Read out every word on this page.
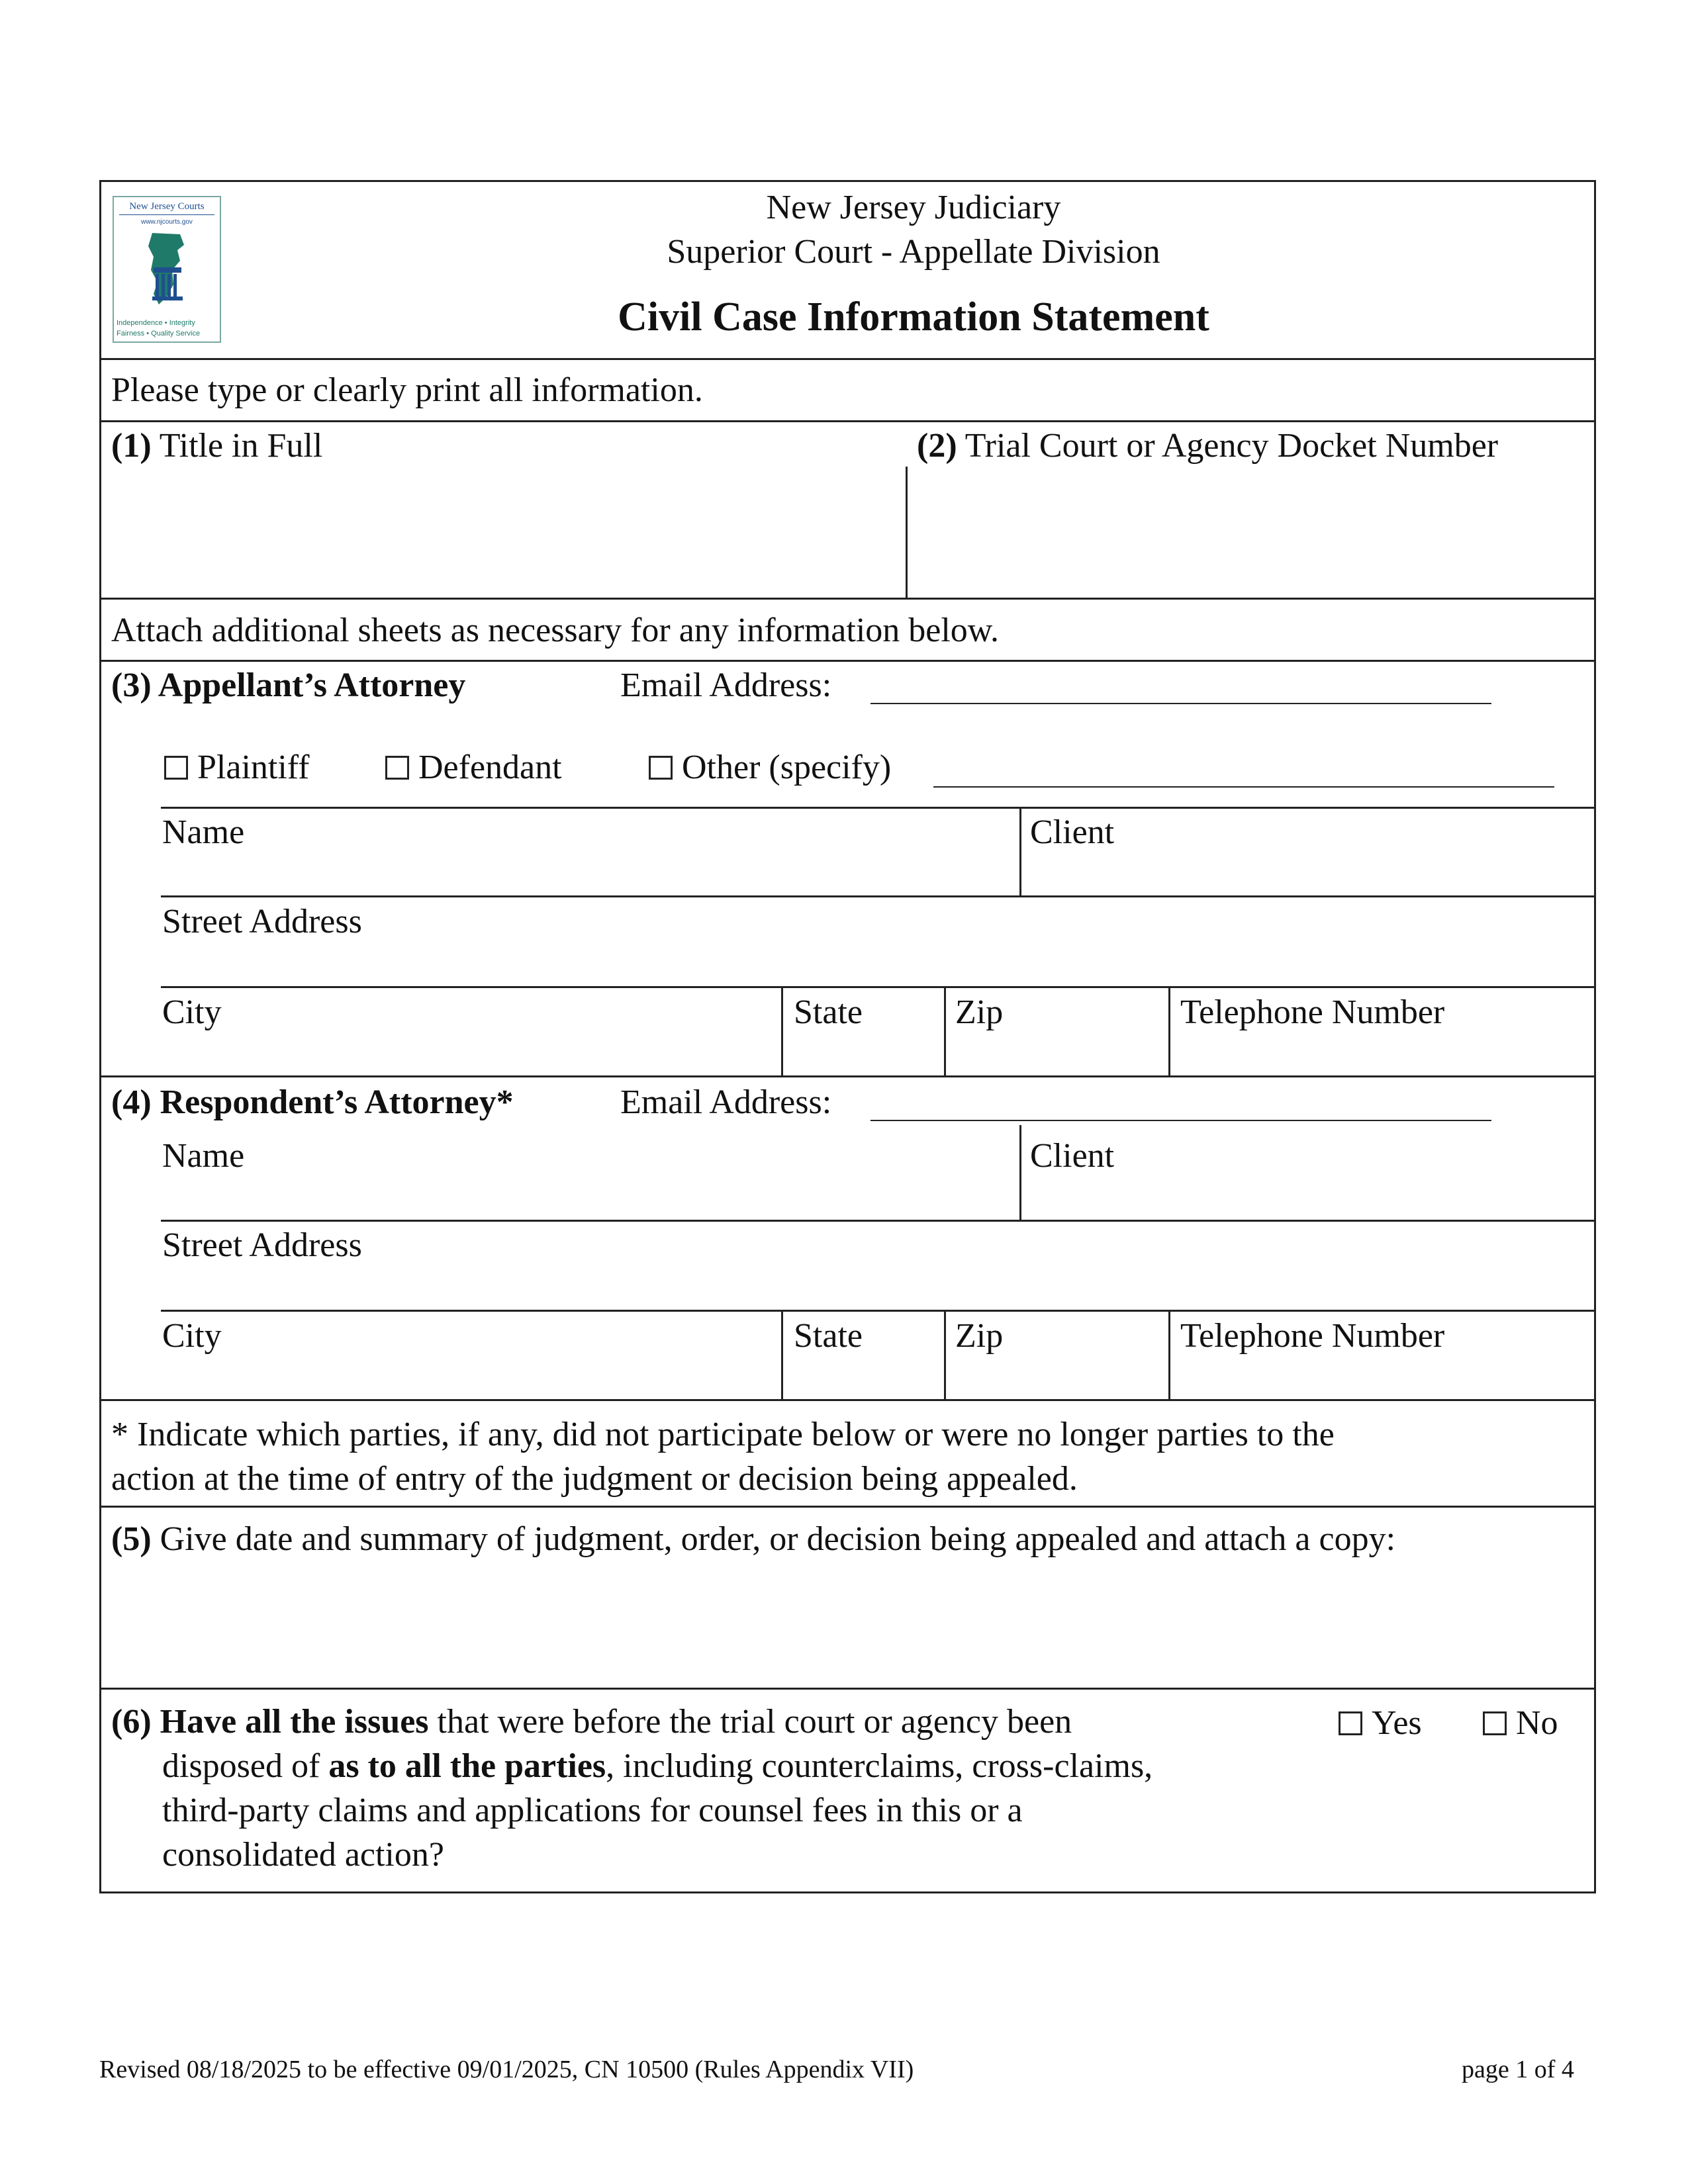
New Jersey Courts
www.njcourts.gov
Independence • Integrity
Fairness • Quality Service
New Jersey Judiciary
Superior Court - Appellate Division
Civil Case Information Statement
Please type or clearly print all information.
(1) Title in Full	(2) Trial Court or Agency Docket Number
Attach additional sheets as necessary for any information below.
(3) Appellant’s Attorney	Email Address:
Plaintiff	Defendant	Other (specify)
Name	Client
Street Address
City	State	Zip	Telephone Number
(4) Respondent’s Attorney*	Email Address:
Name	Client
Street Address
City	State	Zip	Telephone Number
* Indicate which parties, if any, did not participate below or were no longer parties to the
action at the time of entry of the judgment or decision being appealed.
(5) Give date and summary of judgment, order, or decision being appealed and attach a copy:
(6) Have all the issues that were before the trial court or agency been
disposed of as to all the parties, including counterclaims, cross-claims,
third-party claims and applications for counsel fees in this or a
consolidated action?
Yes	No
Revised 08/18/2025 to be effective 09/01/2025, CN 10500 (Rules Appendix VII)	page 1 of 4
